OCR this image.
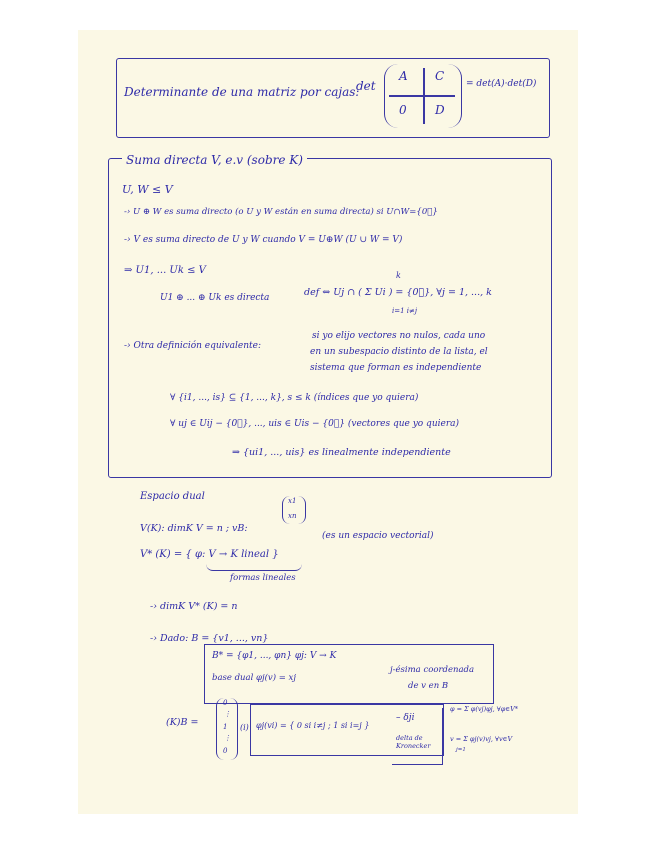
Determinante de una matriz por cajas:

det

A C

0 D

= det(A)·det(D)

Suma directa V, e.v (sobre K)

U, W ≤ V

-› U ⊕ W es suma directo (o U y W están en suma directa) si U∩W={0⃗}

-› V es suma directo de U y W cuando V = U⊕W (U ∪ W = V)

⇒ U1, ... Uk ≤ V

U1 ⊕ ... ⊕ Uk es directa

k

def ⇔ Uj ∩ ( Σ Ui ) = {0⃗}, ∀j = 1, ..., k

i=1 i≠j

-› Otra definición equivalente:

si yo elijo vectores no nulos, cada uno

en un subespacio distinto de la lista, el

sistema que forman es independiente

∀ {i1, ..., is} ⊆ {1, ..., k}, s ≤ k (índices que yo quiera)

∀ uj ∈ Uij − {0⃗}, ..., uis ∈ Uis − {0⃗} (vectores que yo quiera)

⇒ {ui1, ..., uis} es linealmente independiente

Espacio dual

V(K): dimK V = n ; vB:

x1

xn

V* (K) = { φ: V → K lineal }

(es un espacio vectorial)

formas lineales

-› dimK V* (K) = n

-› Dado: B = {v1, ..., vn}

B* = {φ1, ..., φn} φj: V → K

base dual φj(v) = xj

j-ésima coordenada

de v en B

(K)B =

0

⋮

1

⋮

0

(i) φj(vi) = { 0 si i≠j ; 1 si i=j }

– δji

delta de Kronecker

φ = Σ φ(vj)φj, ∀φ∈V*

v = Σ φj(v)vj, ∀v∈V

j=1
